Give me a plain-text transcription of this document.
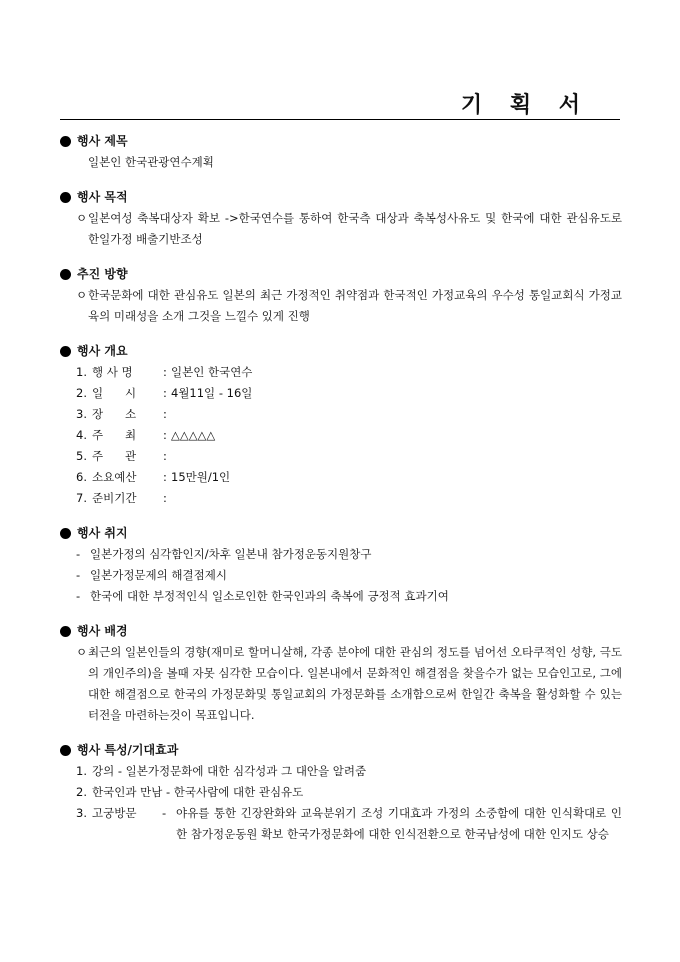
기 획 서
행사 제목
일본인 한국관광연수계획
행사 목적
ㅇ 일본여성 축복대상자 확보 ->한국연수를 통하여 한국측 대상과 축복성사유도 및 한국에 대한 관심유도로 한일가정 배출기반조성
추진 방향
ㅇ 한국문화에 대한 관심유도 일본의 최근 가정적인 취약점과 한국적인 가정교육의 우수성 통일교회식 가정교육의 미래성을 소개 그것을 느낄수 있게 진행
행사 개요
1. 행 사 명	: 일본인 한국연수
2. 일      시	: 4월11일 - 16일
3. 장      소	:
4. 주      최	: △△△△△
5. 주      관	:
6. 소요예산	: 15만원/1인
7. 준비기간	:
행사 취지
- 일본가정의 심각함인지/차후 일본내 참가정운동지원창구
- 일본가정문제의 해결점제시
- 한국에 대한 부정적인식 일소로인한 한국인과의 축복에 긍정적 효과기여
행사 배경
ㅇ 최근의 일본인들의 경향(재미로 할머니살해, 각종 분야에 대한 관심의 정도를 넘어선 오타쿠적인 성향, 극도의 개인주의)을 볼때 자못 심각한 모습이다. 일본내에서 문화적인 해결점을 찾을수가 없는 모습인고로, 그에 대한 해결점으로 한국의 가정문화및 통일교회의 가정문화를 소개함으로써 한일간 축복을 활성화할 수 있는 터전을 마련하는것이 목표입니다.
행사 특성/기대효과
1. 강의 - 일본가정문화에 대한 심각성과 그 대안을 알려줌
2. 한국인과 만남 - 한국사람에 대한 관심유도
3. 고궁방문	- 야유를 통한 긴장완화와 교육분위기 조성 기대효과 가정의 소중함에 대한 인식확대로 인한 참가정운동원 확보 한국가정문화에 대한 인식전환으로 한국남성에 대한 인지도 상승
